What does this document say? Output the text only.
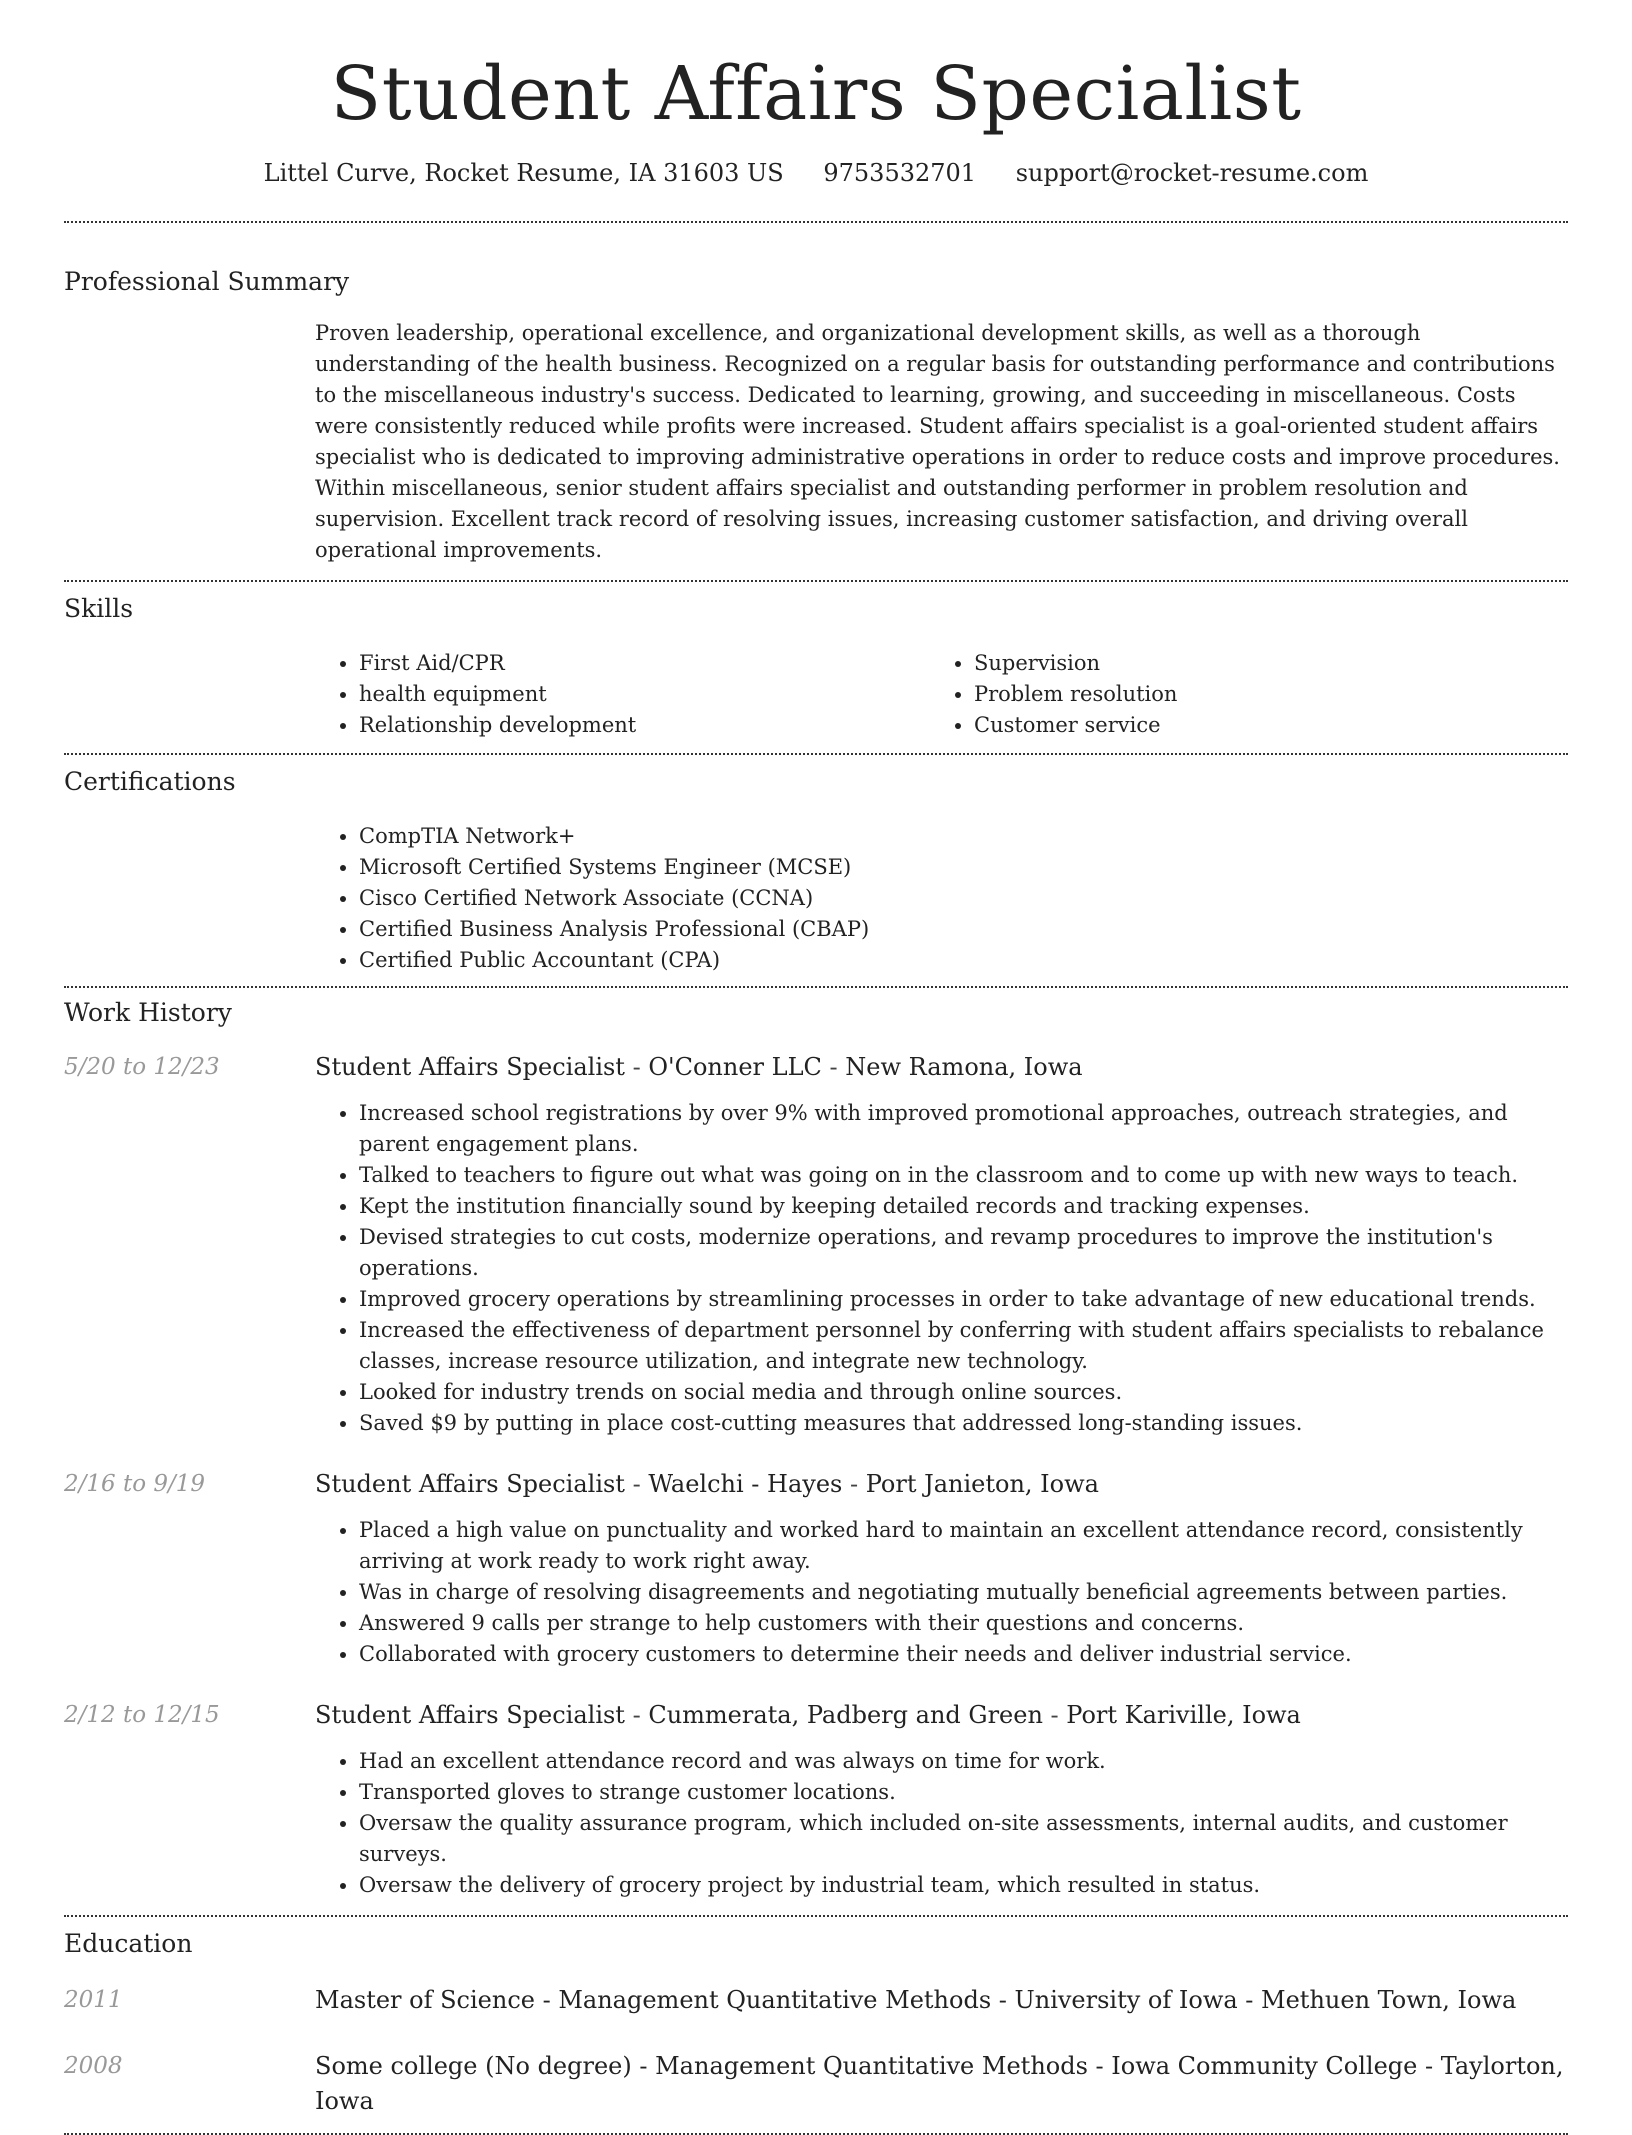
Student Affairs Specialist
Littel Curve, Rocket Resume, IA 31603 US 9753532701 support@rocket-resume.com
Professional Summary

Proven leadership, operational excellence, and organizational development skills, as well as a thorough understanding of the health business. Recognized on a regular basis for outstanding performance and contributions to the miscellaneous industry's success. Dedicated to learning, growing, and succeeding in miscellaneous. Costs were consistently reduced while profits were increased. Student affairs specialist is a goal-oriented student affairs specialist who is dedicated to improving administrative operations in order to reduce costs and improve procedures. Within miscellaneous, senior student affairs specialist and outstanding performer in problem resolution and supervision. Excellent track record of resolving issues, increasing customer satisfaction, and driving overall operational improvements.

Skills
• First Aid/CPR
• health equipment
• Relationship development
• Supervision
• Problem resolution
• Customer service
Certifications
• CompTIA Network+
• Microsoft Certified Systems Engineer (MCSE)
• Cisco Certified Network Associate (CCNA)
• Certified Business Analysis Professional (CBAP)
• Certified Public Accountant (CPA)
Work History
5/20 to 12/23	Student Affairs Specialist - O'Conner LLC - New Ramona, Iowa
• Increased school registrations by over 9% with improved promotional approaches, outreach strategies, and parent engagement plans.
• Talked to teachers to figure out what was going on in the classroom and to come up with new ways to teach.
• Kept the institution financially sound by keeping detailed records and tracking expenses.
• Devised strategies to cut costs, modernize operations, and revamp procedures to improve the institution's operations.
• Improved grocery operations by streamlining processes in order to take advantage of new educational trends.
• Increased the effectiveness of department personnel by conferring with student affairs specialists to rebalance classes, increase resource utilization, and integrate new technology.
• Looked for industry trends on social media and through online sources.
• Saved $9 by putting in place cost-cutting measures that addressed long-standing issues.
2/16 to 9/19	Student Affairs Specialist - Waelchi - Hayes - Port Janieton, Iowa
• Placed a high value on punctuality and worked hard to maintain an excellent attendance record, consistently arriving at work ready to work right away.
• Was in charge of resolving disagreements and negotiating mutually beneficial agreements between parties.
• Answered 9 calls per strange to help customers with their questions and concerns.
• Collaborated with grocery customers to determine their needs and deliver industrial service.
2/12 to 12/15	Student Affairs Specialist - Cummerata, Padberg and Green - Port Kariville, Iowa
• Had an excellent attendance record and was always on time for work.
• Transported gloves to strange customer locations.
• Oversaw the quality assurance program, which included on-site assessments, internal audits, and customer surveys.
• Oversaw the delivery of grocery project by industrial team, which resulted in status.
Education
2011	Master of Science - Management Quantitative Methods - University of Iowa - Methuen Town, Iowa
2008	Some college (No degree) - Management Quantitative Methods - Iowa Community College - Taylorton, Iowa
